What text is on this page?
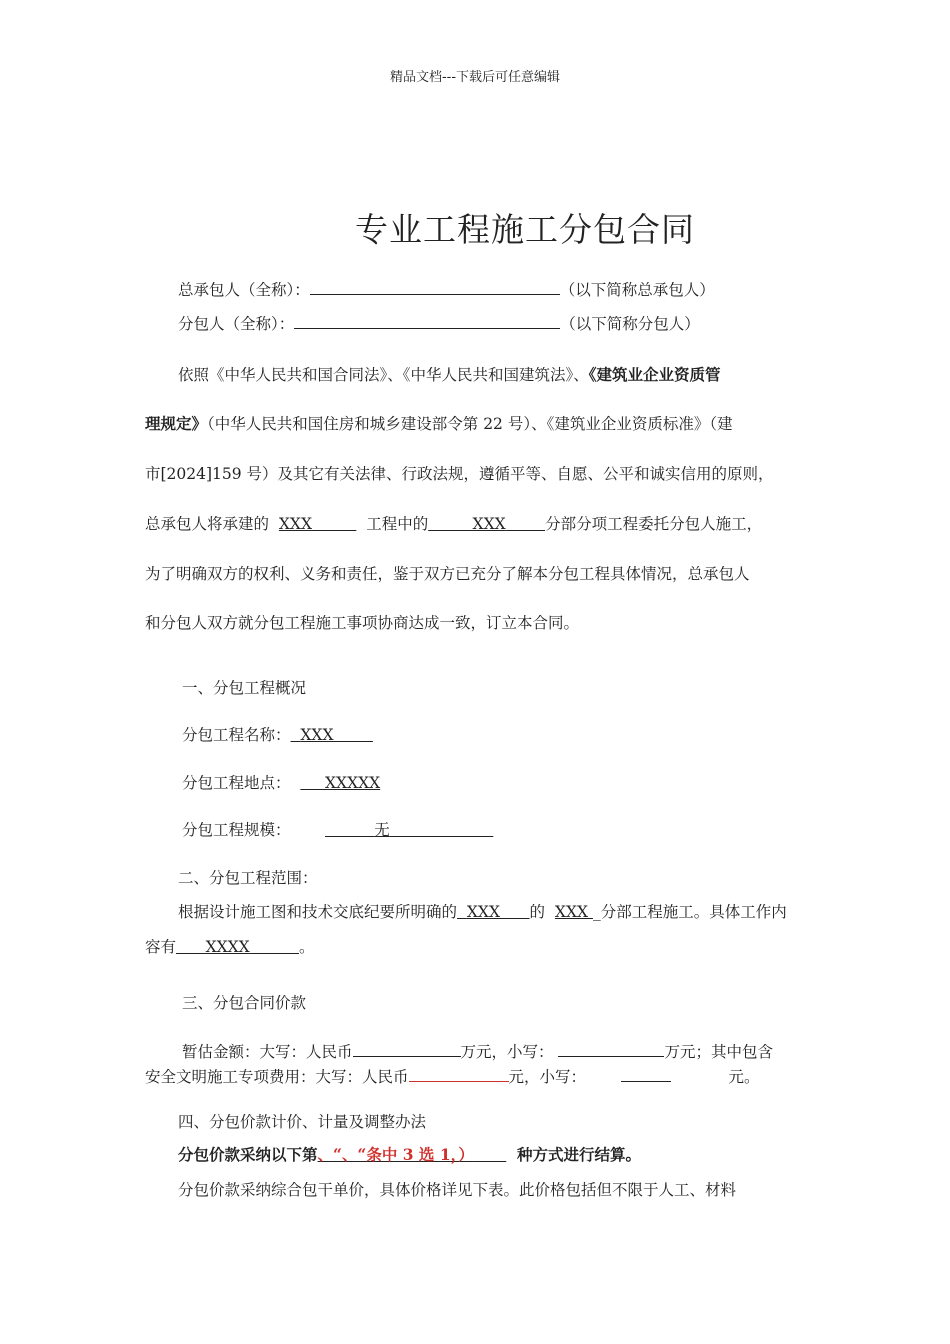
精品文档---下载后可任意编辑
专业工程施工分包合同
总承包人（全称）：	（以下简称总承包人）
分包人（全称）：	（以下简称分包人）
依照《中华人民共和国合同法》、《中华人民共和国建筑法》、《建筑业企业资质管
理规定》（中华人民共和国住房和城乡建设部令第 22 号）、《建筑业企业资质标准》（建
市[2024]159 号）及其它有关法律、行政法规，遵循平等、自愿、公平和诚实信用的原则，
总承包人将承建的 XXX	工程中的	XXX	分部分项工程委托分包人施工，
为了明确双方的权利、义务和责任，鉴于双方已充分了解本分包工程具体情况，总承包人
和分包人双方就分包工程施工事项协商达成一致，订立本合同。
一、分包工程概况
分包工程名称： XXX
分包工程地点： XXXXX
分包工程规模：	无
二、分包工程范围：
根据设计施工图和技术交底纪要所明确的 XXX 的 XXX _分部工程施工。具体工作内
容有 XXXX	。
三、分包合同价款
暂估金额：大写：人民币	万元，小写：	万元；其中包含
安全文明施工专项费用：大写：人民币	元，小写：	元。
四、分包价款计价、计量及调整办法
分包价款采纳以下第、“、“条中 3 选 1，）	种方式进行结算。
分包价款采纳综合包干单价，具体价格详见下表。此价格包括但不限于人工、材料
